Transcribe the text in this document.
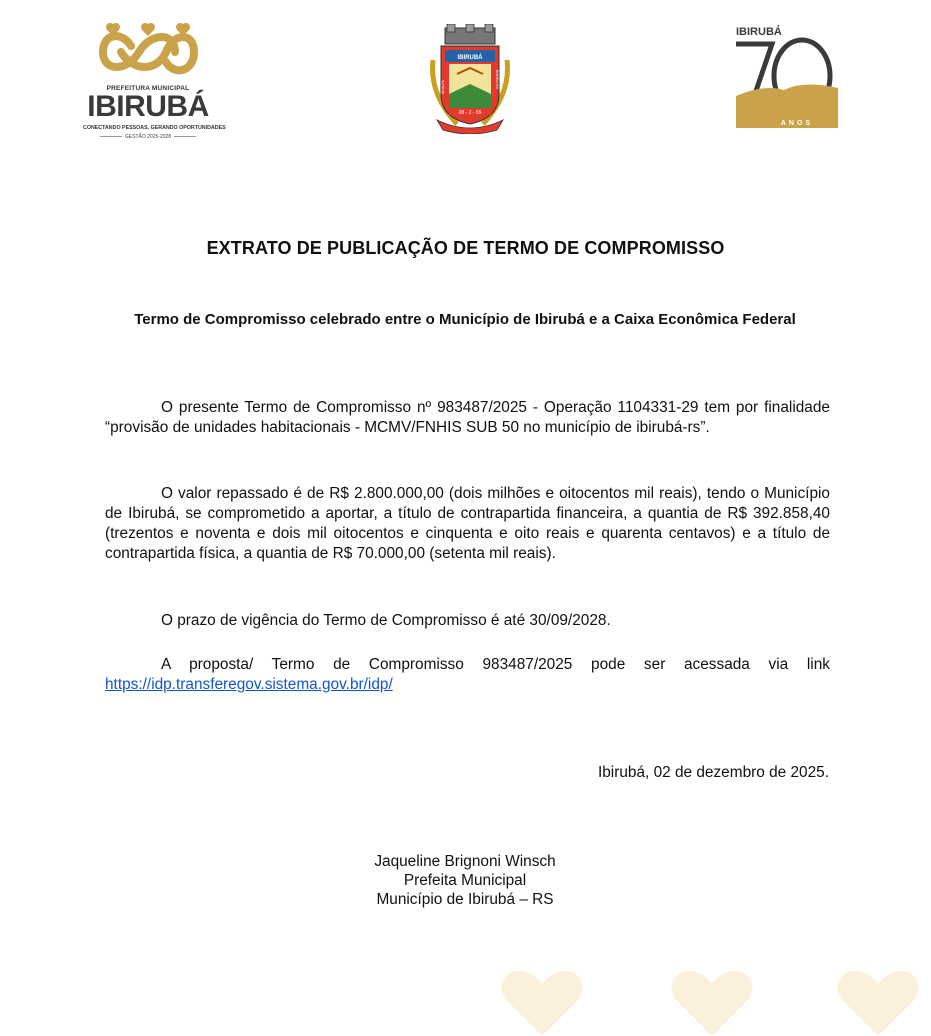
PREFEITURA MUNICIPAL
IBIRUBÁ
CONECTANDO PESSOAS, GERANDO OPORTUNIDADES
GESTÃO 2025-2028
IBIRUBÁ
28 - 2 - 55
ANALFA	BOREO RS
IBIRUBÁ
ANOS
EXTRATO DE PUBLICAÇÃO DE TERMO DE COMPROMISSO
Termo de Compromisso celebrado entre o Município de Ibirubá e a Caixa Econômica Federal
O presente Termo de Compromisso nº 983487/2025 - Operação 1104331-29 tem por finalidade “provisão de unidades habitacionais - MCMV/FNHIS SUB 50 no município de ibirubá-rs”.
O valor repassado é de R$ 2.800.000,00 (dois milhões e oitocentos mil reais), tendo o Município de Ibirubá, se comprometido a aportar, a título de contrapartida financeira, a quantia de R$ 392.858,40 (trezentos e noventa e dois mil oitocentos e cinquenta e oito reais e quarenta centavos) e a título de contrapartida física, a quantia de R$ 70.000,00 (setenta mil reais).
O prazo de vigência do Termo de Compromisso é até 30/09/2028.
A proposta/ Termo de Compromisso 983487/2025 pode ser acessada via link https://idp.transferegov.sistema.gov.br/idp/
Ibirubá, 02 de dezembro de 2025.
Jaqueline Brignoni Winsch
Prefeita Municipal
Município de Ibirubá – RS
